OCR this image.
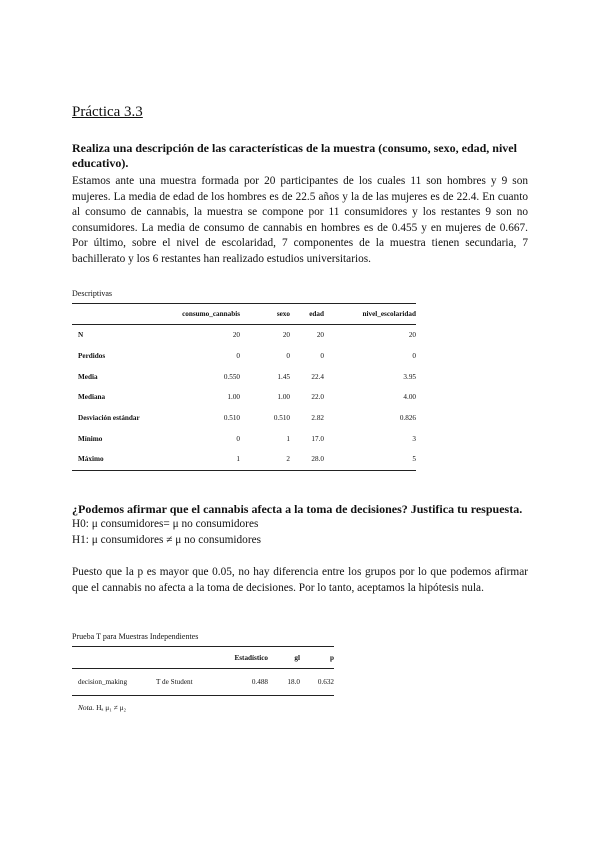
Práctica 3.3
Realiza una descripción de las características de la muestra (consumo, sexo, edad, nivel educativo).
Estamos ante una muestra formada por 20 participantes de los cuales 11 son hombres y 9 son mujeres. La media de edad de los hombres es de 22.5 años y la de las mujeres es de 22.4. En cuanto al consumo de cannabis, la muestra se compone por 11 consumidores y los restantes 9 son no consumidores. La media de consumo de cannabis en hombres es de 0.455 y en mujeres de 0.667. Por último, sobre el nivel de escolaridad, 7 componentes de la muestra tienen secundaria, 7 bachillerato y los 6 restantes han realizado estudios universitarios.
Descriptivas
	consumo_cannabis	sexo	edad	nivel_escolaridad
N	20	20	20	20
Perdidos	0	0	0	0
Media	0.550	1.45	22.4	3.95
Mediana	1.00	1.00	22.0	4.00
Desviación estándar	0.510	0.510	2.82	0.826
Mínimo	0	1	17.0	3
Máximo	1	2	28.0	5
¿Podemos afirmar que el cannabis afecta a la toma de decisiones? Justifica tu respuesta.
H0: μ consumidores= μ no consumidores
H1: μ consumidores ≠ μ no consumidores
Puesto que la p es mayor que 0.05, no hay diferencia entre los grupos por lo que podemos afirmar que el cannabis no afecta a la toma de decisiones. Por lo tanto, aceptamos la hipótesis nula.
Prueba T para Muestras Independientes
		Estadístico	gl	p
decision_making	T de Student	0.488	18.0	0.632
Nota. Hₐ μ₁ ≠ μ₂
